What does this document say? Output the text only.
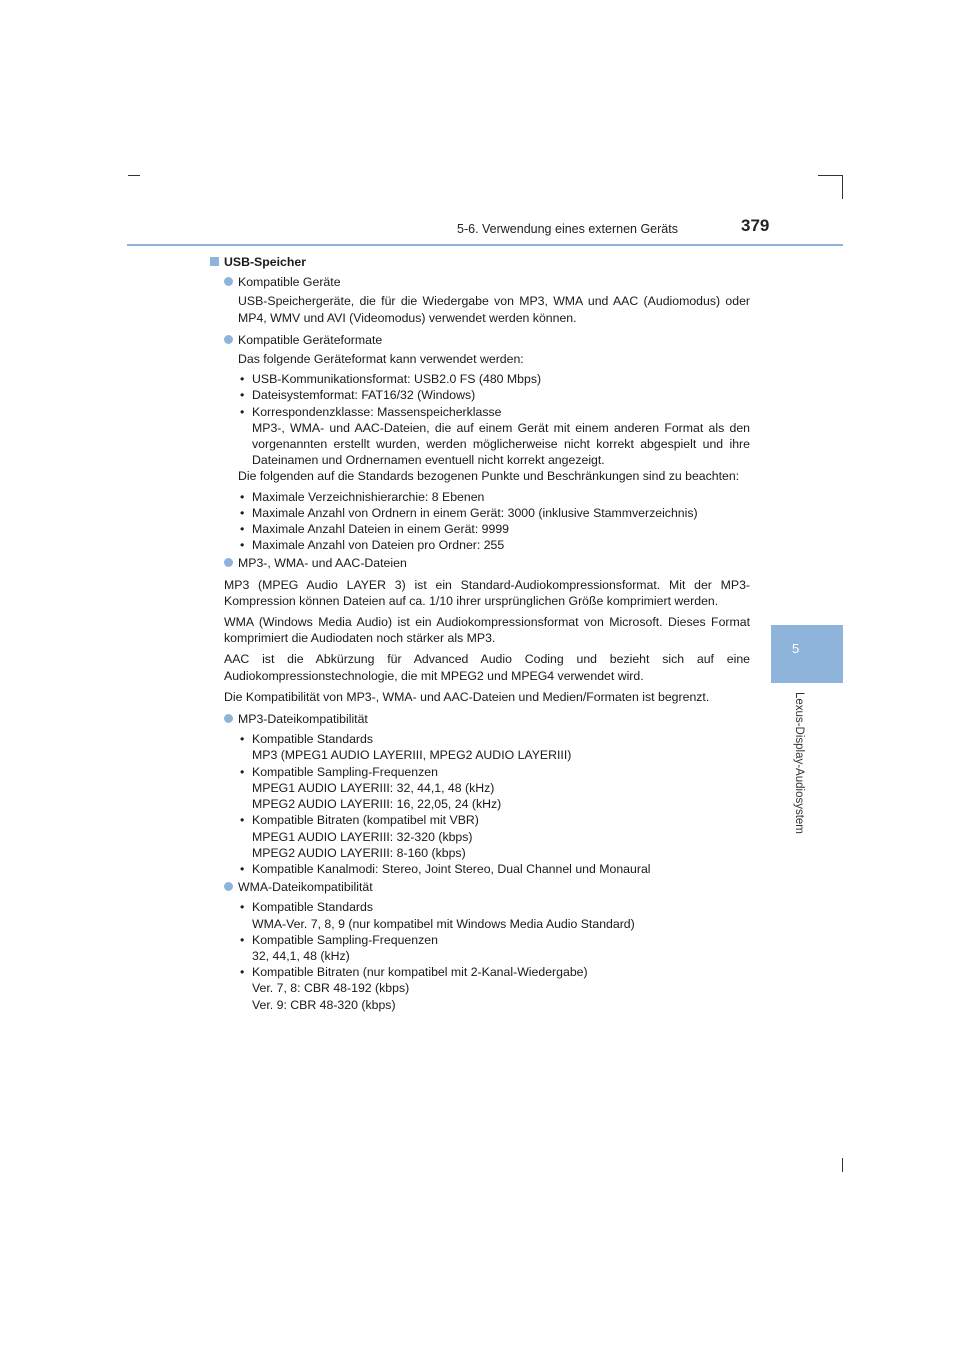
5-6. Verwendung eines externen Geräts	379
5
Lexus-Display-Audiosystem
USB-Speicher
Kompatible Geräte
USB-Speichergeräte, die für die Wiedergabe von MP3, WMA und AAC (Audiomodus) oder MP4, WMV und AVI (Videomodus) verwendet werden können.
Kompatible Geräteformate
Das folgende Geräteformat kann verwendet werden:
• USB-Kommunikationsformat: USB2.0 FS (480 Mbps)
• Dateisystemformat: FAT16/32 (Windows)
• Korrespondenzklasse: Massenspeicherklasse
MP3-, WMA- und AAC-Dateien, die auf einem Gerät mit einem anderen Format als den vorgenannten erstellt wurden, werden möglicherweise nicht korrekt abgespielt und ihre Dateinamen und Ordnernamen eventuell nicht korrekt angezeigt.
Die folgenden auf die Standards bezogenen Punkte und Beschränkungen sind zu beachten:
• Maximale Verzeichnishierarchie: 8 Ebenen
• Maximale Anzahl von Ordnern in einem Gerät: 3000 (inklusive Stammverzeichnis)
• Maximale Anzahl Dateien in einem Gerät: 9999
• Maximale Anzahl von Dateien pro Ordner: 255
MP3-, WMA- und AAC-Dateien
MP3 (MPEG Audio LAYER 3) ist ein Standard-Audiokompressionsformat. Mit der MP3-Kompression können Dateien auf ca. 1/10 ihrer ursprünglichen Größe komprimiert werden.
WMA (Windows Media Audio) ist ein Audiokompressionsformat von Microsoft. Dieses Format komprimiert die Audiodaten noch stärker als MP3.
AAC ist die Abkürzung für Advanced Audio Coding und bezieht sich auf eine Audiokompressionstechnologie, die mit MPEG2 und MPEG4 verwendet wird.
Die Kompatibilität von MP3-, WMA- und AAC-Dateien und Medien/Formaten ist begrenzt.
MP3-Dateikompatibilität
• Kompatible Standards
MP3 (MPEG1 AUDIO LAYERIII, MPEG2 AUDIO LAYERIII)
• Kompatible Sampling-Frequenzen
MPEG1 AUDIO LAYERIII: 32, 44,1, 48 (kHz)
MPEG2 AUDIO LAYERIII: 16, 22,05, 24 (kHz)
• Kompatible Bitraten (kompatibel mit VBR)
MPEG1 AUDIO LAYERIII: 32-320 (kbps)
MPEG2 AUDIO LAYERIII: 8-160 (kbps)
• Kompatible Kanalmodi: Stereo, Joint Stereo, Dual Channel und Monaural
WMA-Dateikompatibilität
• Kompatible Standards
WMA-Ver. 7, 8, 9 (nur kompatibel mit Windows Media Audio Standard)
• Kompatible Sampling-Frequenzen
32, 44,1, 48 (kHz)
• Kompatible Bitraten (nur kompatibel mit 2-Kanal-Wiedergabe)
Ver. 7, 8: CBR 48-192 (kbps)
Ver. 9: CBR 48-320 (kbps)
